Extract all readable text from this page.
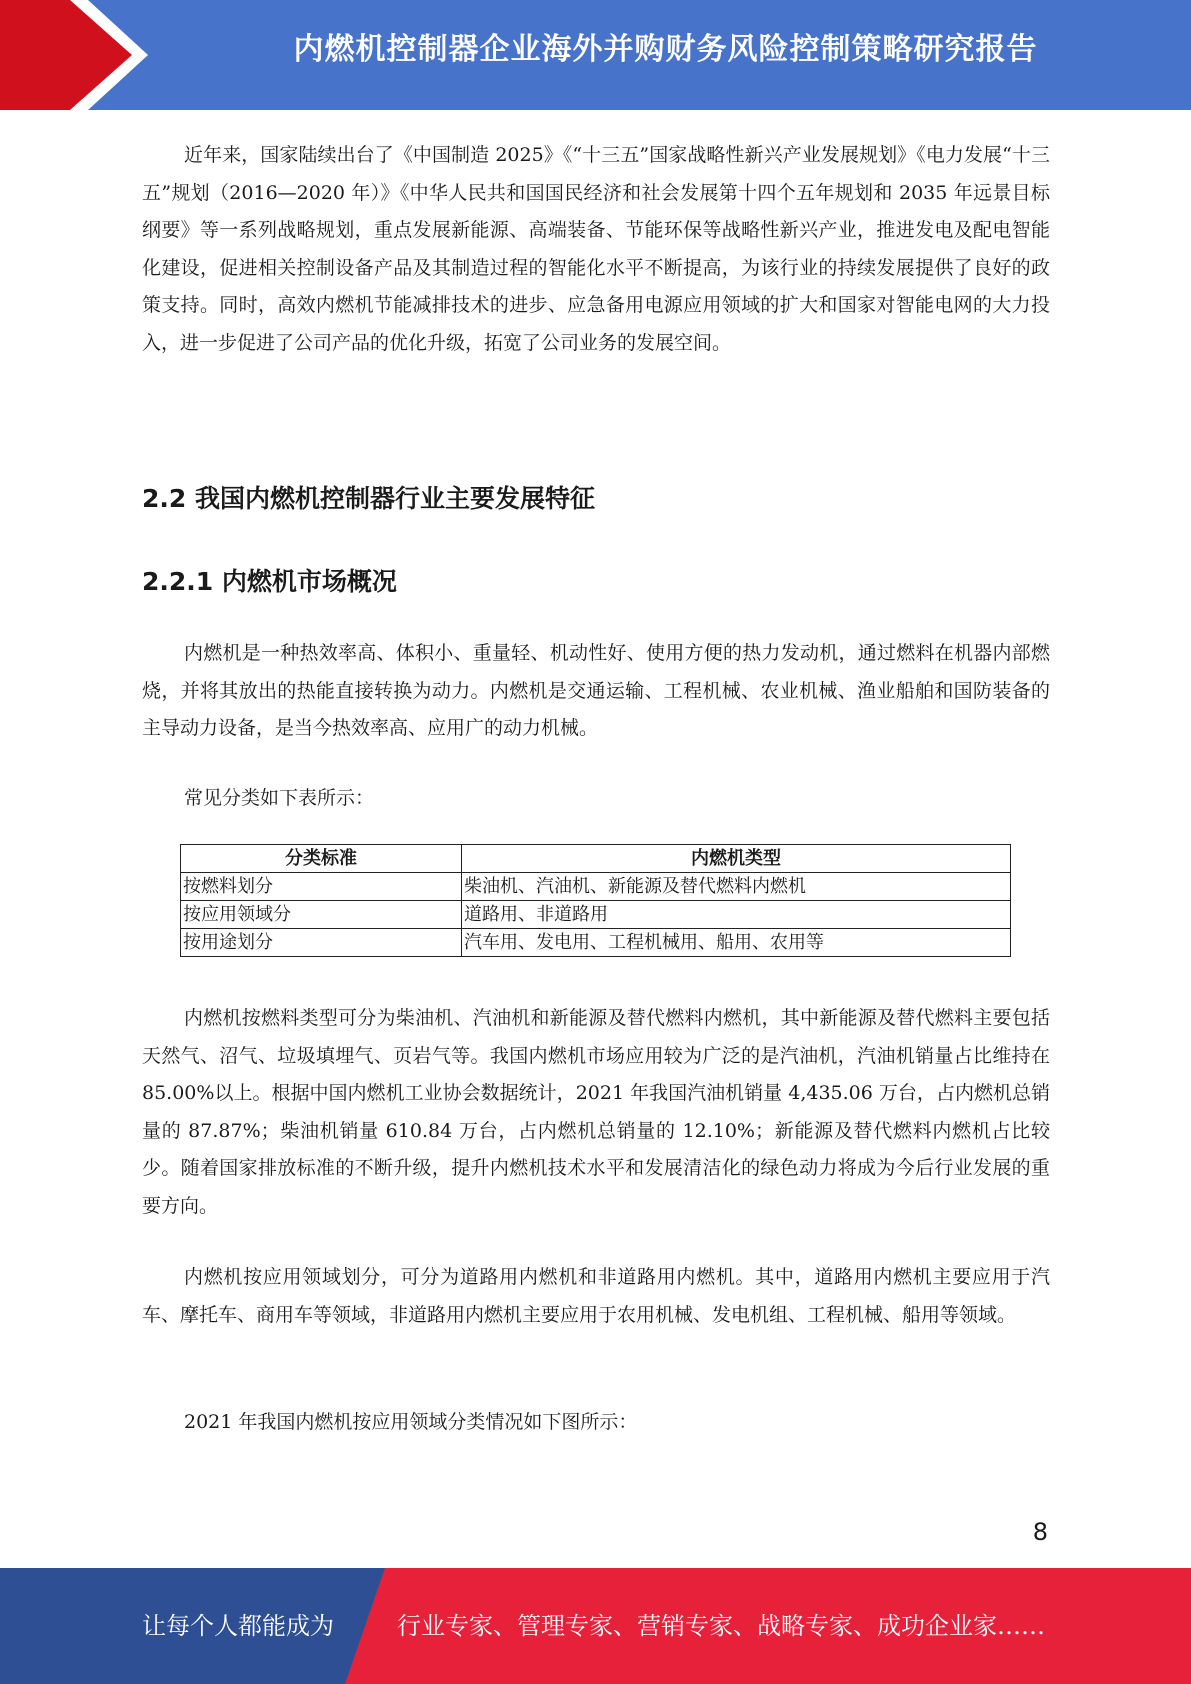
内燃机控制器企业海外并购财务风险控制策略研究报告

近年来，国家陆续出台了《中国制造 2025》《“十三五”国家战略性新兴产业发展规划》《电力发展“十三五”规划（2016—2020 年）》《中华人民共和国国民经济和社会发展第十四个五年规划和 2035 年远景目标纲要》等一系列战略规划，重点发展新能源、高端装备、节能环保等战略性新兴产业，推进发电及配电智能化建设，促进相关控制设备产品及其制造过程的智能化水平不断提高，为该行业的持续发展提供了良好的政策支持。同时，高效内燃机节能减排技术的进步、应急备用电源应用领域的扩大和国家对智能电网的大力投入，进一步促进了公司产品的优化升级，拓宽了公司业务的发展空间。

2.2 我国内燃机控制器行业主要发展特征
2.2.1 内燃机市场概况

内燃机是一种热效率高、体积小、重量轻、机动性好、使用方便的热力发动机，通过燃料在机器内部燃烧，并将其放出的热能直接转换为动力。内燃机是交通运输、工程机械、农业机械、渔业船舶和国防装备的主导动力设备，是当今热效率高、应用广的动力机械。

常见分类如下表所示：

分类标准	内燃机类型
按燃料划分	柴油机、汽油机、新能源及替代燃料内燃机
按应用领域分	道路用、非道路用
按用途划分	汽车用、发电用、工程机械用、船用、农用等

内燃机按燃料类型可分为柴油机、汽油机和新能源及替代燃料内燃机，其中新能源及替代燃料主要包括天然气、沼气、垃圾填埋气、页岩气等。我国内燃机市场应用较为广泛的是汽油机，汽油机销量占比维持在 85.00%以上。根据中国内燃机工业协会数据统计，2021 年我国汽油机销量 4,435.06 万台，占内燃机总销量的 87.87%；柴油机销量 610.84 万台，占内燃机总销量的 12.10%；新能源及替代燃料内燃机占比较少。随着国家排放标准的不断升级，提升内燃机技术水平和发展清洁化的绿色动力将成为今后行业发展的重要方向。

内燃机按应用领域划分，可分为道路用内燃机和非道路用内燃机。其中，道路用内燃机主要应用于汽车、摩托车、商用车等领域，非道路用内燃机主要应用于农用机械、发电机组、工程机械、船用等领域。

2021 年我国内燃机按应用领域分类情况如下图所示：

8
让每个人都能成为	行业专家、管理专家、营销专家、战略专家、成功企业家……
